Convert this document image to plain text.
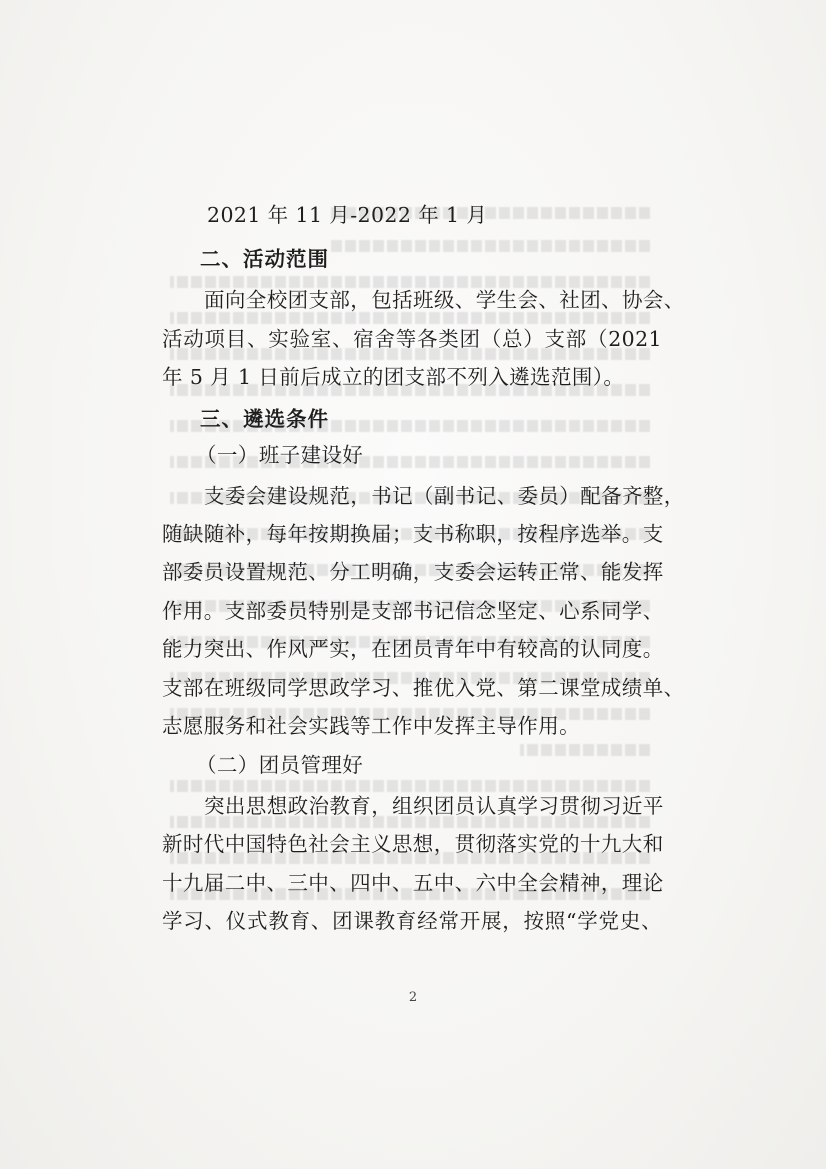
2021 年 11 月-2022 年 1 月
二、活动范围
面向全校团支部，包括班级、学生会、社团、协会、
活动项目、实验室、宿舍等各类团（总）支部（2021
年 5 月 1 日前后成立的团支部不列入遴选范围）。
三、遴选条件
（一）班子建设好
支委会建设规范，书记（副书记、委员）配备齐整，
随缺随补，每年按期换届；支书称职，按程序选举。支
部委员设置规范、分工明确，支委会运转正常、能发挥
作用。支部委员特别是支部书记信念坚定、心系同学、
能力突出、作风严实，在团员青年中有较高的认同度。
支部在班级同学思政学习、推优入党、第二课堂成绩单、
志愿服务和社会实践等工作中发挥主导作用。
（二）团员管理好
突出思想政治教育，组织团员认真学习贯彻习近平
新时代中国特色社会主义思想，贯彻落实党的十九大和
十九届二中、三中、四中、五中、六中全会精神，理论
学习、仪式教育、团课教育经常开展，按照“学党史、
2
